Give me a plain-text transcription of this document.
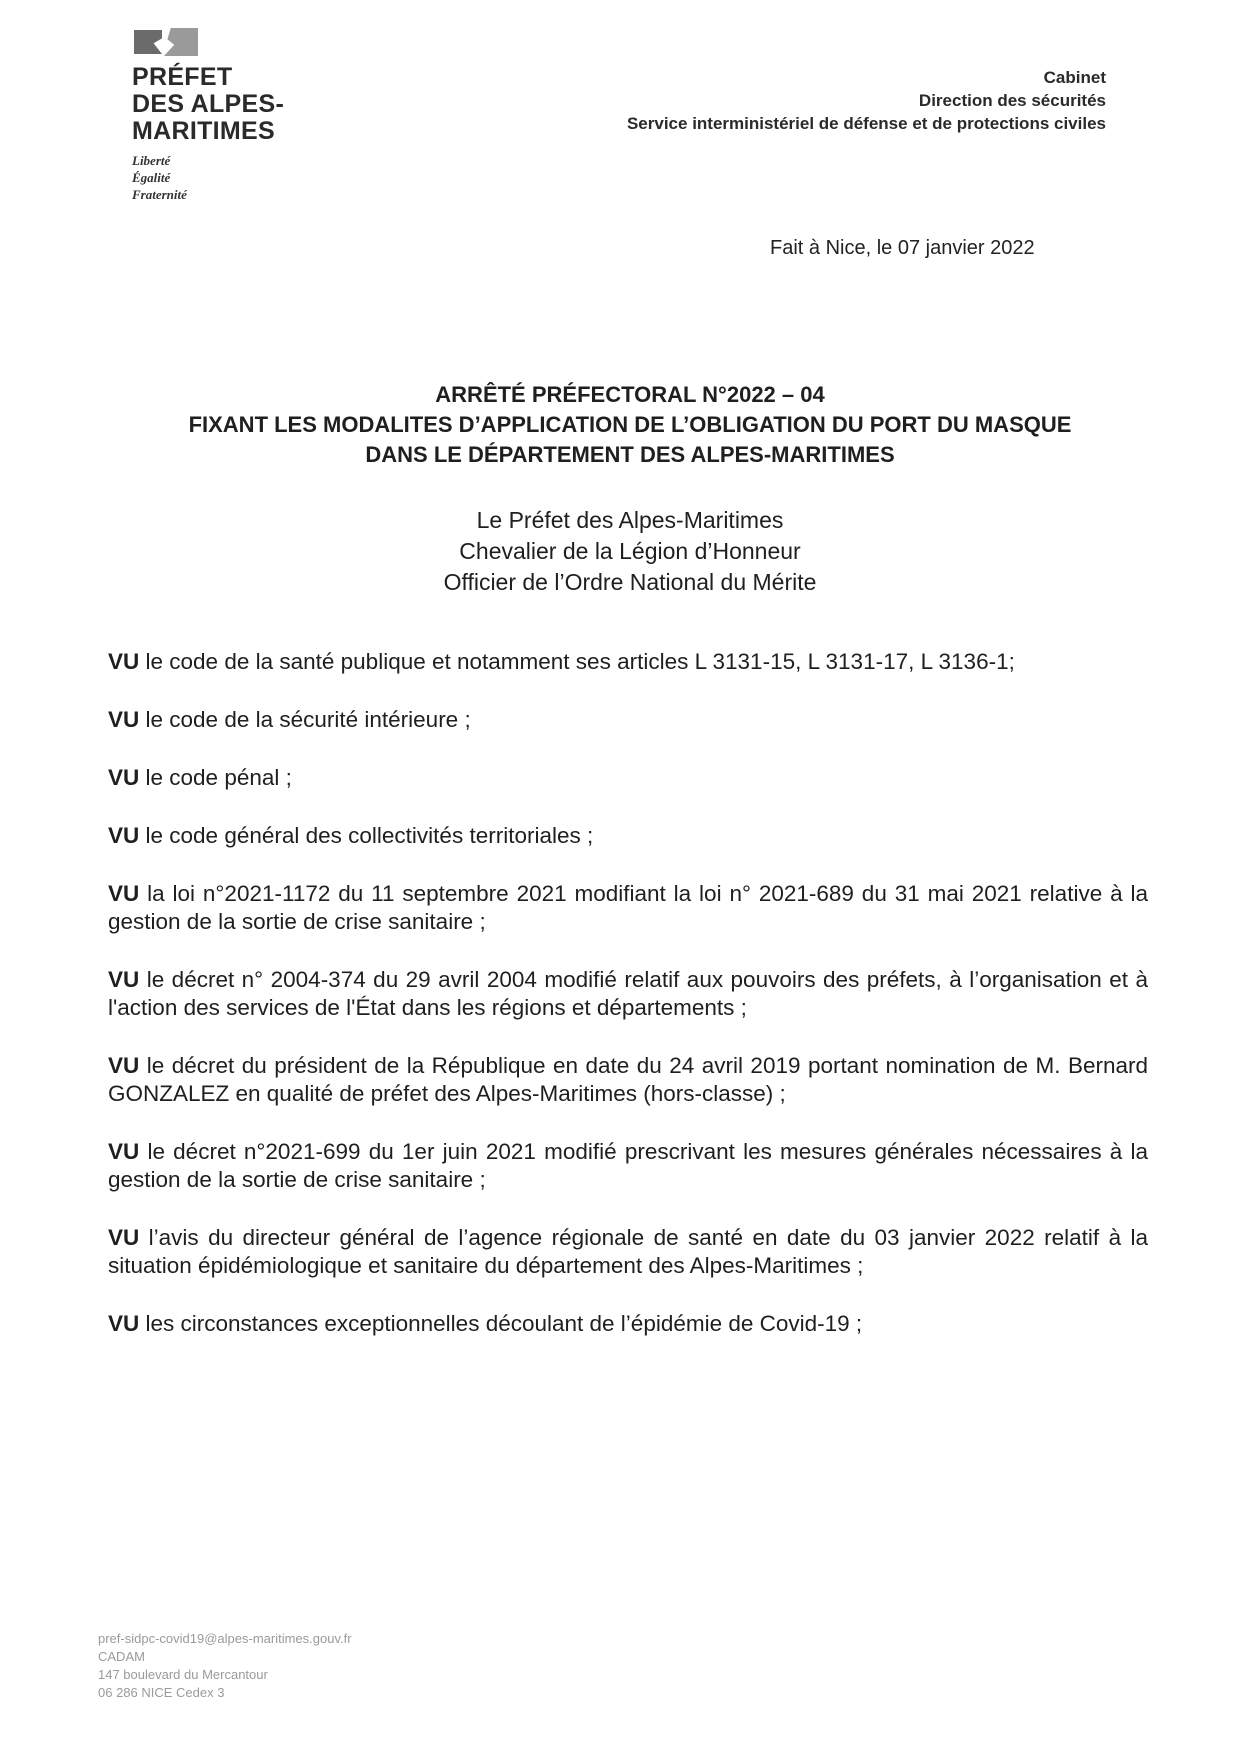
PRÉFET
DES ALPES-
MARITIMES
Liberté
Égalité
Fraternité
Cabinet
Direction des sécurités
Service interministériel de défense et de protections civiles
Fait à Nice, le 07 janvier 2022
ARRÊTÉ PRÉFECTORAL N°2022 – 04
FIXANT LES MODALITES D’APPLICATION DE L’OBLIGATION DU PORT DU MASQUE
DANS LE DÉPARTEMENT DES ALPES-MARITIMES
Le Préfet des Alpes-Maritimes
Chevalier de la Légion d’Honneur
Officier de l’Ordre National du Mérite

VU le code de la santé publique et notamment ses articles L 3131-15, L 3131-17, L 3136-1;

VU le code de la sécurité intérieure ;

VU le code pénal ;

VU le code général des collectivités territoriales ;

VU la loi n°2021-1172 du 11 septembre 2021 modifiant la loi n° 2021-689 du 31 mai 2021 relative à la gestion de la sortie de crise sanitaire ;

VU le décret n° 2004-374 du 29 avril 2004 modifié relatif aux pouvoirs des préfets, à l’organisation et à l'action des services de l'État dans les régions et départements ;

VU le décret du président de la République en date du 24 avril 2019 portant nomination de M. Bernard GONZALEZ en qualité de préfet des Alpes-Maritimes (hors-classe) ;

VU le décret n°2021-699 du 1er juin 2021 modifié prescrivant les mesures générales nécessaires à la gestion de la sortie de crise sanitaire ;

VU l’avis du directeur général de l’agence régionale de santé en date du 03 janvier 2022 relatif à la situation épidémiologique et sanitaire du département des Alpes-Maritimes ;

VU les circonstances exceptionnelles découlant de l’épidémie de Covid-19 ;

pref-sidpc-covid19@alpes-maritimes.gouv.fr
CADAM
147 boulevard du Mercantour
06 286 NICE Cedex 3
